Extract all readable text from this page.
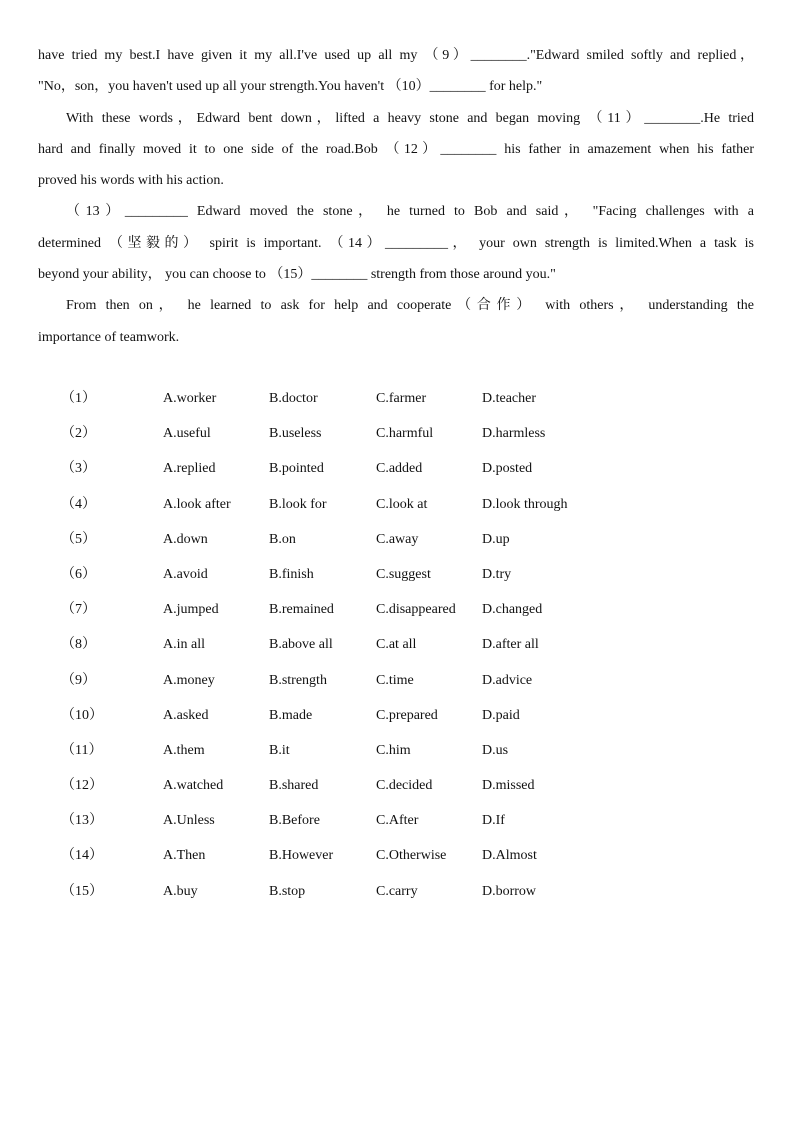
have tried my best.I have given it my all.I've used up all my （9）________."Edward smiled softly and replied，
"No，son，you haven't used up all your strength.You haven't （10）________ for help."
With these words，Edward bent down，lifted a heavy stone and began moving （11）________.He tried
hard and finally moved it to one side of the road.Bob （12）________ his father in amazement when his father
proved his words with his action.
（13）_________ Edward moved the stone， he turned to Bob and said， "Facing challenges with a
determined （坚毅的） spirit is important. （14）_________， your own strength is limited.When a task is
beyond your ability， you can choose to （15）________ strength from those around you."
From then on， he learned to ask for help and cooperate（合作） with others， understanding the
importance of teamwork.
（1）	A.worker	B.doctor	C.farmer	D.teacher
（2）	A.useful	B.useless	C.harmful	D.harmless
（3）	A.replied	B.pointed	C.added	D.posted
（4）	A.look after	B.look for	C.look at	D.look through
（5）	A.down	B.on	C.away	D.up
（6）	A.avoid	B.finish	C.suggest	D.try
（7）	A.jumped	B.remained	C.disappeared D.changed
（8）	A.in all	B.above all	C.at all	D.after all
（9）	A.money	B.strength	C.time	D.advice
（10）	A.asked	B.made	C.prepared	D.paid
（11）	A.them	B.it	C.him	D.us
（12）	A.watched	B.shared	C.decided	D.missed
（13）	A.Unless	B.Before	C.After	D.If
（14）	A.Then	B.However	C.Otherwise	D.Almost
（15）	A.buy	B.stop	C.carry	D.borrow
